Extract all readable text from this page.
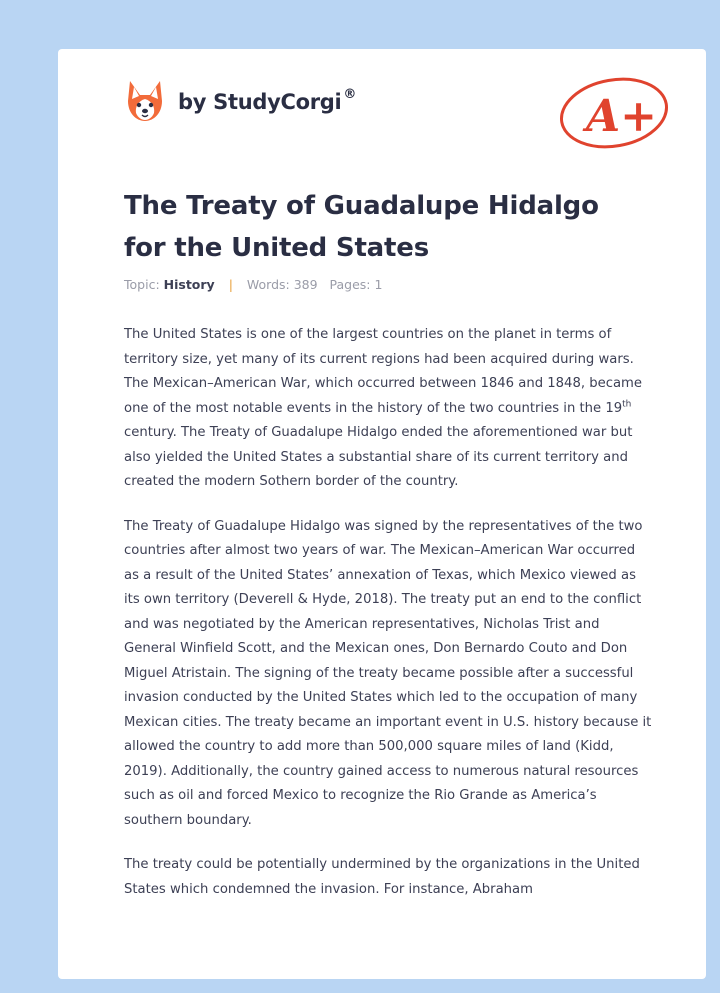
by StudyCorgi ®	A+
The Treaty of Guadalupe Hidalgo for the United States
Topic: History | Words: 389 Pages: 1

The United States is one of the largest countries on the planet in terms of territory size, yet many of its current regions had been acquired during wars. The Mexican–American War, which occurred between 1846 and 1848, became one of the most notable events in the history of the two countries in the 19th century. The Treaty of Guadalupe Hidalgo ended the aforementioned war but also yielded the United States a substantial share of its current territory and created the modern Sothern border of the country.

The Treaty of Guadalupe Hidalgo was signed by the representatives of the two countries after almost two years of war. The Mexican–American War occurred as a result of the United States’ annexation of Texas, which Mexico viewed as its own territory (Deverell & Hyde, 2018). The treaty put an end to the conflict and was negotiated by the American representatives, Nicholas Trist and General Winfield Scott, and the Mexican ones, Don Bernardo Couto and Don Miguel Atristain. The signing of the treaty became possible after a successful invasion conducted by the United States which led to the occupation of many Mexican cities. The treaty became an important event in U.S. history because it allowed the country to add more than 500,000 square miles of land (Kidd, 2019). Additionally, the country gained access to numerous natural resources such as oil and forced Mexico to recognize the Rio Grande as America’s southern boundary.

The treaty could be potentially undermined by the organizations in the United States which condemned the invasion. For instance, Abraham
